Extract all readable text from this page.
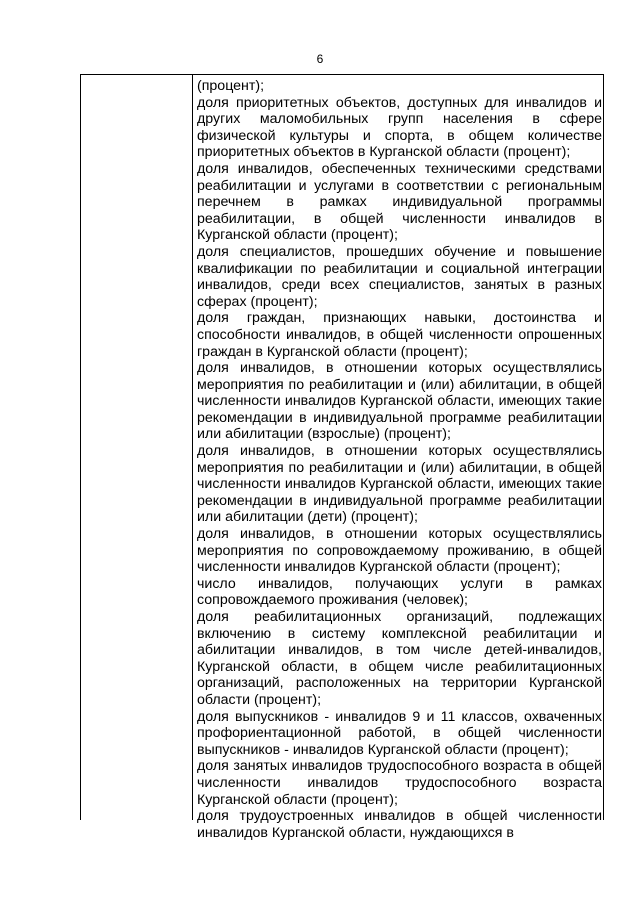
6

(процент);

доля приоритетных объектов, доступных для инвалидов и других маломобильных групп населения в сфере физической культуры и спорта, в общем количестве приоритетных объектов в Курганской области (процент);

доля инвалидов, обеспеченных техническими средствами реабилитации и услугами в соответствии с региональным перечнем в рамках индивидуальной программы реабилитации, в общей численности инвалидов в Курганской области (процент);

доля специалистов, прошедших обучение и повышение квалификации по реабилитации и социальной интеграции инвалидов, среди всех специалистов, занятых в разных сферах (процент);

доля граждан, признающих навыки, достоинства и способности инвалидов, в общей численности опрошенных граждан в Курганской области (процент);

доля инвалидов, в отношении которых осуществлялись мероприятия по реабилитации и (или) абилитации, в общей численности инвалидов Курганской области, имеющих такие рекомендации в индивидуальной программе реабилитации или абилитации (взрослые) (процент);

доля инвалидов, в отношении которых осуществлялись мероприятия по реабилитации и (или) абилитации, в общей численности инвалидов Курганской области, имеющих такие рекомендации в индивидуальной программе реабилитации или абилитации (дети) (процент);

доля инвалидов, в отношении которых осуществлялись мероприятия по сопровождаемому проживанию, в общей численности инвалидов Курганской области (процент);

число инвалидов, получающих услуги в рамках сопровождаемого проживания (человек);

доля реабилитационных организаций, подлежащих включению в систему комплексной реабилитации и абилитации инвалидов, в том числе детей-инвалидов, Курганской области, в общем числе реабилитационных организаций, расположенных на территории Курганской области (процент);

доля выпускников - инвалидов 9 и 11 классов, охваченных профориентационной работой, в общей численности выпускников - инвалидов Курганской области (процент);

доля занятых инвалидов трудоспособного возраста в общей численности инвалидов трудоспособного возраста Курганской области (процент);

доля трудоустроенных инвалидов в общей численности инвалидов Курганской области, нуждающихся в
